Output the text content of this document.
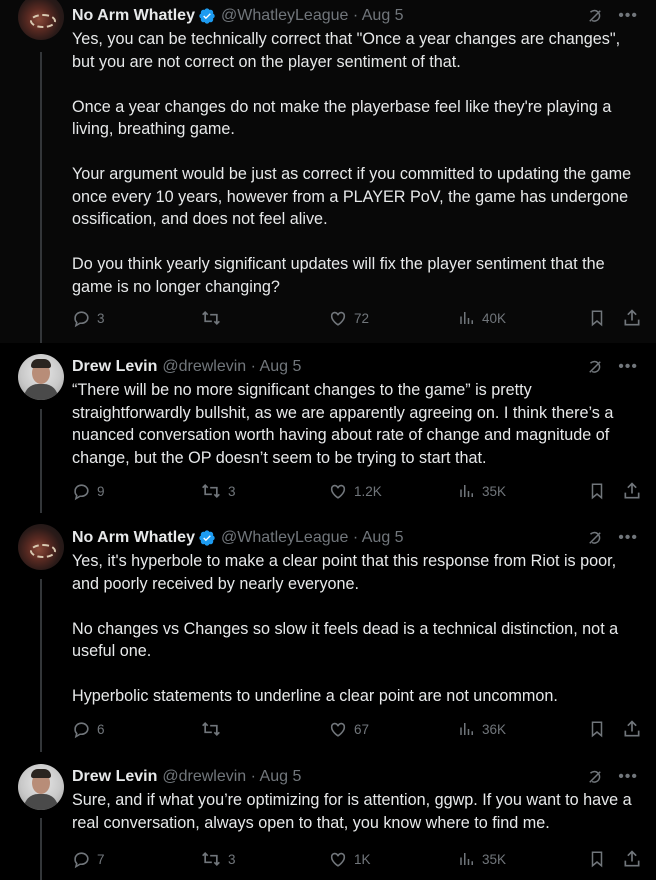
No Arm Whatley @WhatleyLeague · Aug 5	•••
Yes, you can be technically correct that "Once a year changes are changes", but you are not correct on the player sentiment of that.

Once a year changes do not make the playerbase feel like they're playing a living, breathing game.

Your argument would be just as correct if you committed to updating the game once every 10 years, however from a PLAYER PoV, the game has undergone ossification, and does not feel alive.

Do you think yearly significant updates will fix the player sentiment that the game is no longer changing?
3	72	40K
Drew Levin @drewlevin · Aug 5	•••
“There will be no more significant changes to the game” is pretty straightforwardly bullshit, as we are apparently agreeing on. I think there’s a nuanced conversation worth having about rate of change and magnitude of change, but the OP doesn’t seem to be trying to start that.
9	3	1.2K	35K
No Arm Whatley @WhatleyLeague · Aug 5	•••
Yes, it's hyperbole to make a clear point that this response from Riot is poor, and poorly received by nearly everyone.

No changes vs Changes so slow it feels dead is a technical distinction, not a useful one.

Hyperbolic statements to underline a clear point are not uncommon.
6	67	36K
Drew Levin @drewlevin · Aug 5	•••
Sure, and if what you’re optimizing for is attention, ggwp. If you want to have a real conversation, always open to that, you know where to find me.
7	3	1K	35K
